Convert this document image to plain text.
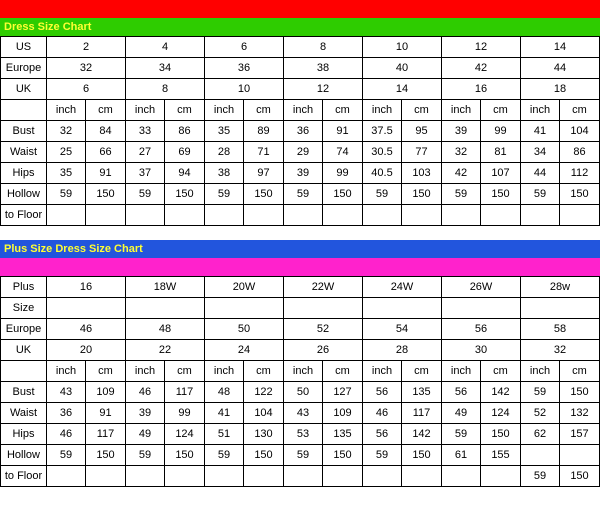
Dress Size Chart
US	2		4		6		8		10		12		14	
Europe	32		34		36		38		40		42		44	
UK	6		8		10		12		14		16		18	
	inch	cm	inch	cm	inch	cm	inch	cm	inch	cm	inch	cm	inch	cm
Bust	32	84	33	86	35	89	36	91	37.5	95	39	99	41	104
Waist	25	66	27	69	28	71	29	74	30.5	77	32	81	34	86
Hips	35	91	37	94	38	97	39	99	40.5	103	42	107	44	112
Hollow	59	150	59	150	59	150	59	150	59	150	59	150	59	150
to Floor														
Plus Size Dress Size Chart
Plus	16		18W		20W		22W		24W		26W		28w	
Size														
Europe	46		48		50		52		54		56		58	
UK	20		22		24		26		28		30		32	
	inch	cm	inch	cm	inch	cm	inch	cm	inch	cm	inch	cm	inch	cm
Bust	43	109	46	117	48	122	50	127	56	135	56	142	59	150
Waist	36	91	39	99	41	104	43	109	46	117	49	124	52	132
Hips	46	117	49	124	51	130	53	135	56	142	59	150	62	157
Hollow	59	150	59	150	59	150	59	150	59	150	61	155		
to Floor													59	150
